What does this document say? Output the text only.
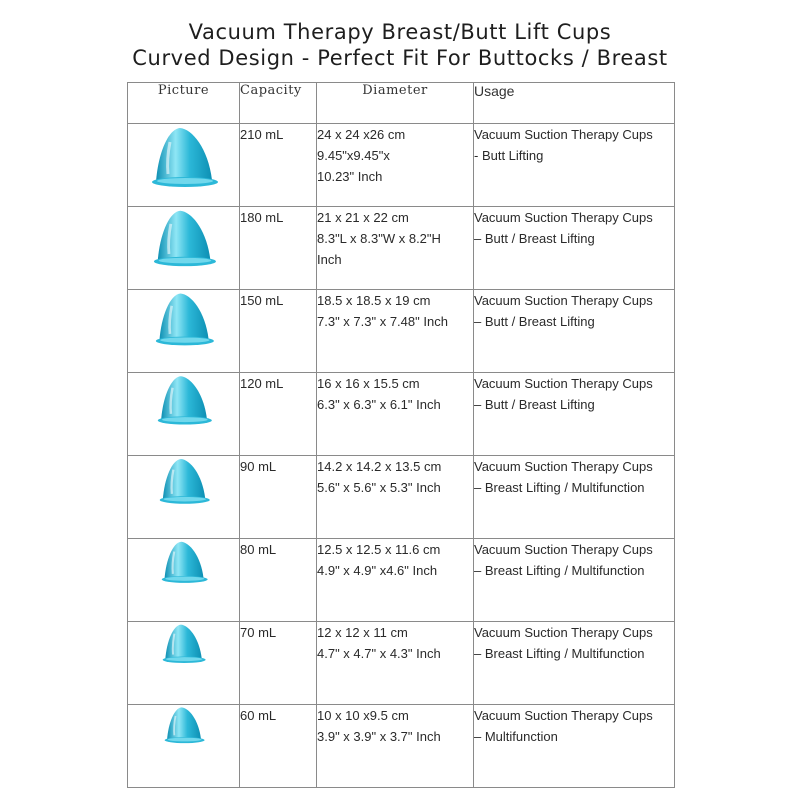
Vacuum Therapy Breast/Butt Lift Cups
Curved Design - Perfect Fit For Buttocks / Breast
Picture	Capacity	Diameter	Usage

	210 mL	24 x 24 x26 cm
9.45"x9.45"x
10.23" Inch	Vacuum Suction Therapy Cups
- Butt Lifting

	180 mL	21 x 21 x 22 cm
8.3"L x 8.3"W x 8.2"H
Inch	Vacuum Suction Therapy Cups
– Butt / Breast Lifting

	150 mL	18.5 x 18.5 x 19 cm
7.3" x 7.3" x 7.48" Inch	Vacuum Suction Therapy Cups
– Butt / Breast Lifting

	120 mL	16 x 16 x 15.5 cm
6.3" x 6.3" x 6.1" Inch	Vacuum Suction Therapy Cups
– Butt / Breast Lifting

	90 mL	14.2 x 14.2 x 13.5 cm
5.6" x 5.6" x 5.3" Inch	Vacuum Suction Therapy Cups
– Breast Lifting / Multifunction

	80 mL	12.5 x 12.5 x 11.6 cm
4.9" x 4.9" x4.6" Inch	Vacuum Suction Therapy Cups
– Breast Lifting / Multifunction

	70 mL	12 x 12 x 11 cm
4.7" x 4.7" x 4.3" Inch	Vacuum Suction Therapy Cups
– Breast Lifting / Multifunction

	60 mL	10 x 10 x9.5 cm
3.9" x 3.9" x 3.7" Inch	Vacuum Suction Therapy Cups
– Multifunction
